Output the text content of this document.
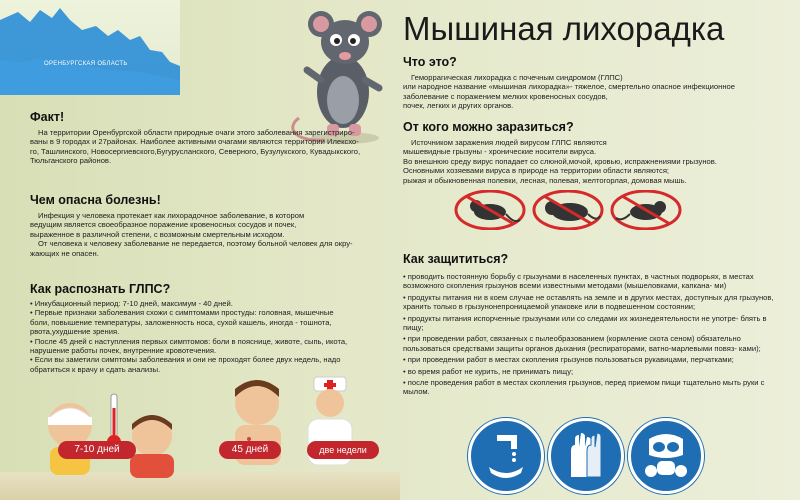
ОРЕНБУРГСКАЯ ОБЛАСТЬ
Мышиная лихорадка
Факт!

На территории Оренбургской области природные очаги этого заболевания зарегистриро-

ваны в 9 городах и 27районах. Наиболее активными очагами являются территории Илексхо-

го, Ташлинского, Новосергиевского,Бугурусланского, Северного, Бузулукского, Кувадыкского,

Тюльганского районов.

Чем опасна болезнь!

Инфекция у человека протекает как лихорадочное заболевание, в котором

ведущим является своеобразное поражение кровеносных сосудов и почек,

выраженное в различной степени, с возможным смертельным исходом.

От человека к человеку заболевание не передается, поэтому больной человек для окру-

жающих не опасен.

Как распознать ГЛПС?

• Инкубационный период: 7-10 дней, максимум - 40 дней.

• Первые признаки заболевания схожи с симптомами простуды: головная, мышечные

боли, повышение температуры, заложенность носа, сухой кашель, иногда - тошнота,

рвота,ухудшение зрения.

• После 45 дней с наступления первых симптомов: боли в пояснице, животе, сыпь, икота,

нарушение работы почек, внутренние кровотечения.

• Если вы заметили симптомы заболевания и они не проходят более двух недель, надо

обратиться к врачу и сдать анализы.

7-10 дней	45 дней	две недели
Что это?

Геморрагическая лихорадка с почечным синдромом (ГЛПС)

или народное название «мышиная лихорадка»- тяжелое, смертельно опасное инфекционное

заболевание с поражением мелких кровеносных сосудов,

почек, легких и других органов.

От кого можно заразиться?

Источником заражения людей вирусом ГЛПС являются

мышевидные грызуны - хронические носители вируса.

Во внешнюю среду вирус попадает со слюной,мочой, кровью, испражнениями грызунов.

Основными хозяевами вируса в природе на территории области являются;

рыжая и обыкновенная полевки, лесная, полевая, желтогорлая, домовая мышь.

Как защититься?

• проводить постоянную борьбу с грызунами в населенных пунктах, в частных подворьях, в местах возможного скопления грызунов всеми известными методами (мышеловками, капкана- ми)

• продукты питания ни в коем случае не оставлять на земле и в других местах, доступных для грызунов, хранить только в грызунонепроницаемой упаковке или в подвешенном состоянии;

• продукты питания испорченные грызунами или со следами их жизнедеятельности не употре- блять в пищу;

• при проведении работ, связанных с пылеобразованием (кормление скота сеном) обязательно пользоваться средствами защиты органов дыхания (респираторами, ватно-марлевыми повяз- ками);

• при проведении работ в местах скопления грызунов пользоваться рукавицами, перчатками;

• во время работ не курить, не принимать пищу;

• после проведения работ в местах скопления грызунов, перед приемом пищи тщательно мыть руки с мылом.
